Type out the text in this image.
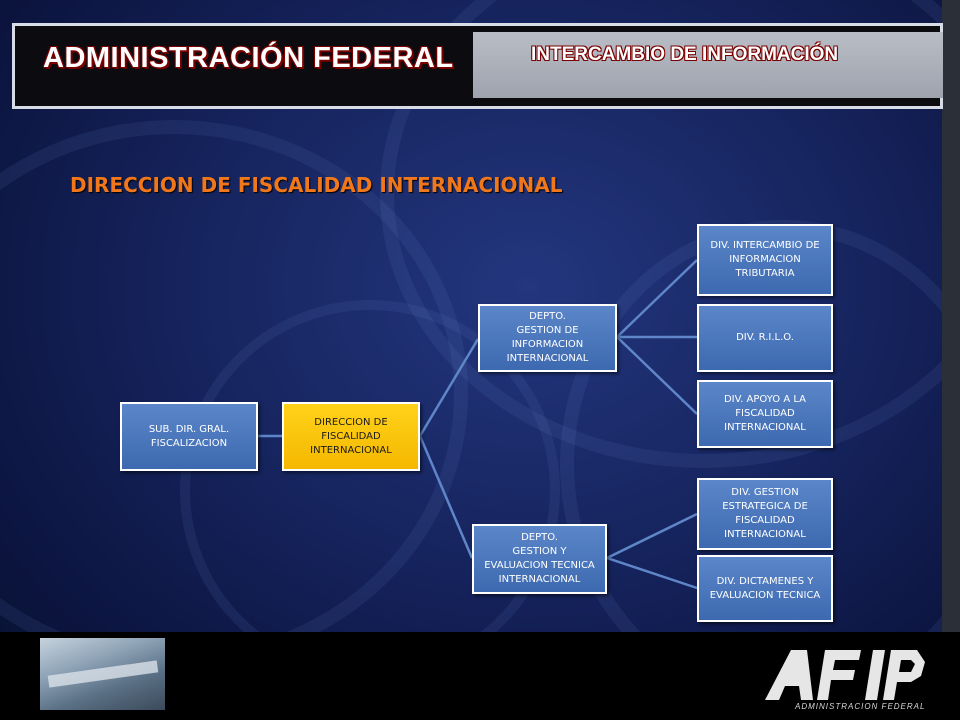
ADMINISTRACIÓN FEDERAL	INTERCAMBIO DE INFORMACIÓN
DIRECCION DE FISCALIDAD INTERNACIONAL
SUB. DIR. GRAL.
FISCALIZACION
DIRECCION DE
FISCALIDAD
INTERNACIONAL
DEPTO.
GESTION DE
INFORMACION
INTERNACIONAL
DEPTO.
GESTION Y
EVALUACION TECNICA
INTERNACIONAL
DIV. INTERCAMBIO DE
INFORMACION
TRIBUTARIA
DIV. R.I.L.O.
DIV. APOYO A LA
FISCALIDAD
INTERNACIONAL
DIV. GESTION
ESTRATEGICA DE
FISCALIDAD
INTERNACIONAL
DIV. DICTAMENES Y
EVALUACION TECNICA
ADMINISTRACION FEDERAL
